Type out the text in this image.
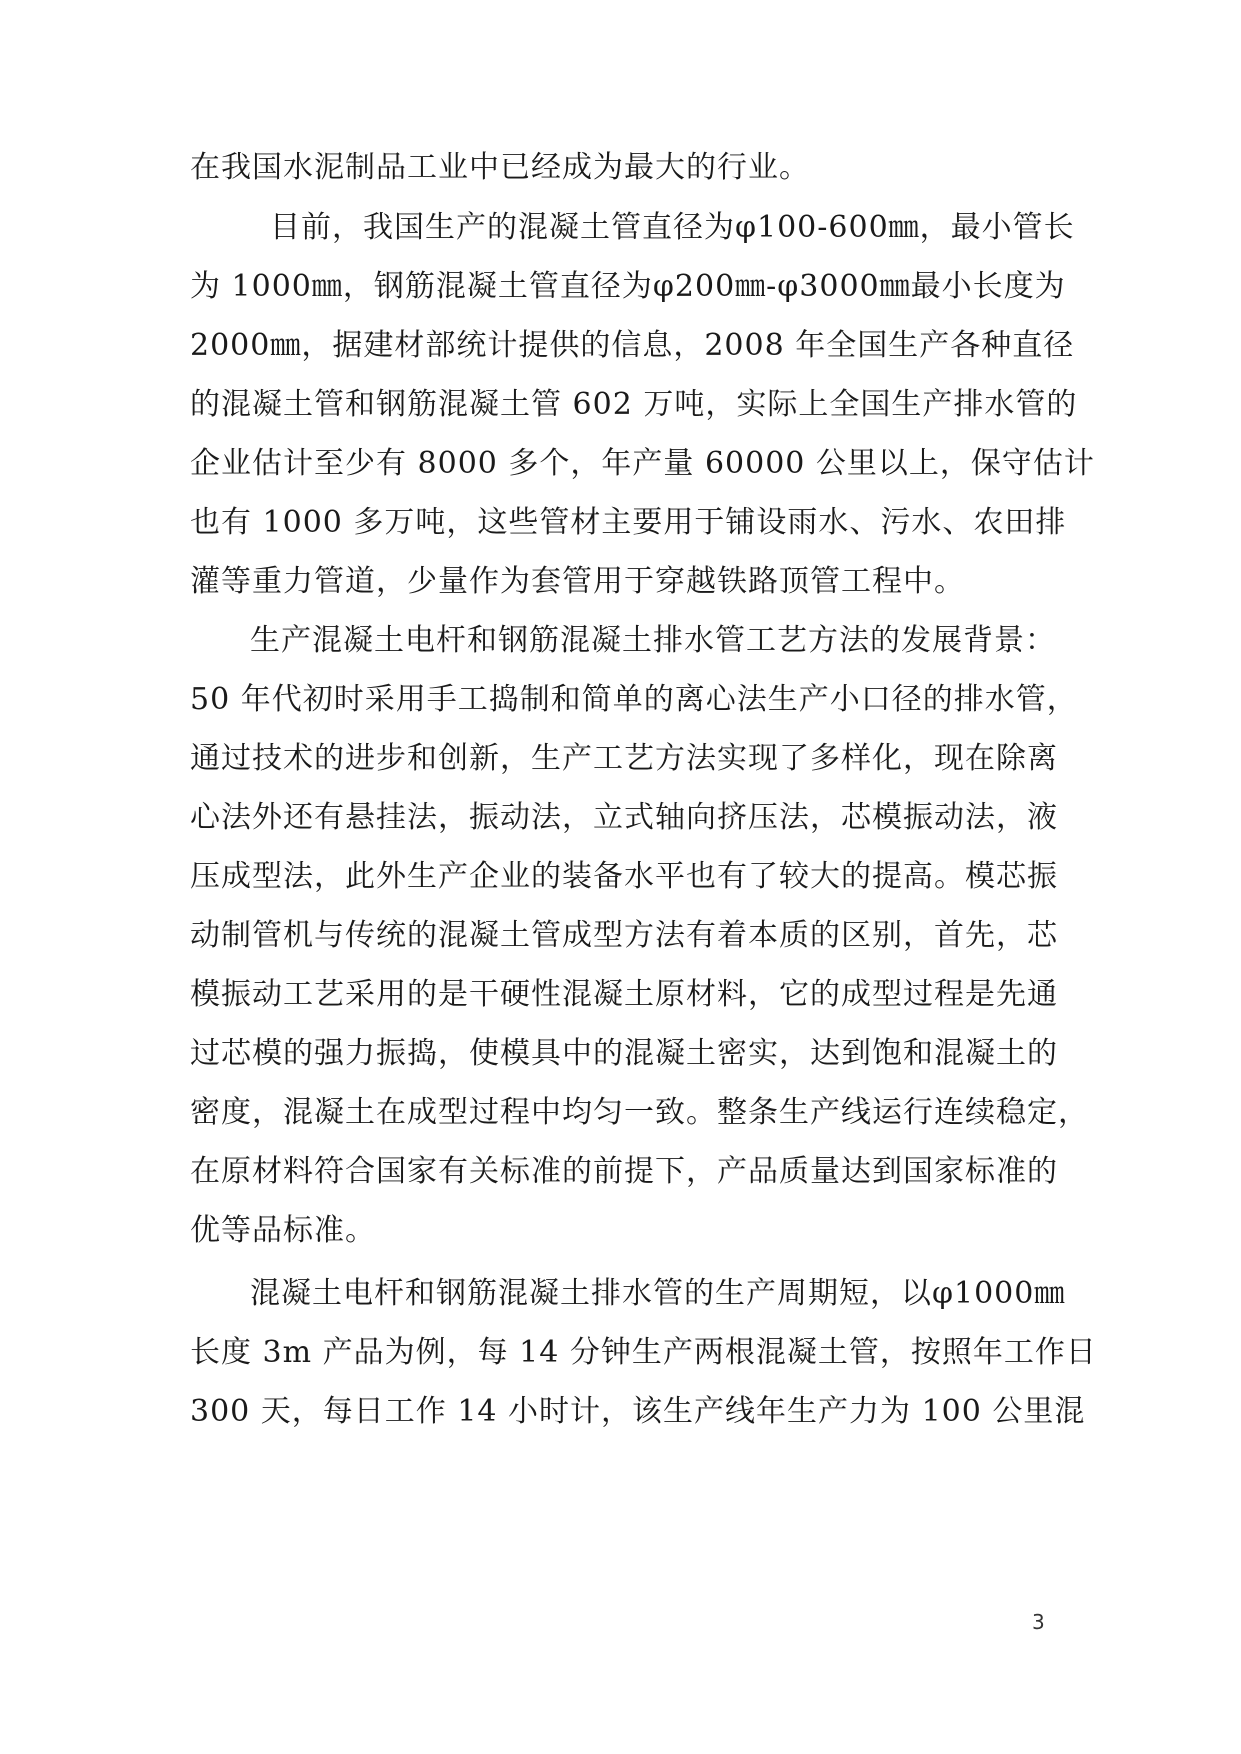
在我国水泥制品工业中已经成为最大的行业。
目前，我国生产的混凝土管直径为φ100-600㎜，最小管长
为 1000㎜，钢筋混凝土管直径为φ200㎜-φ3000㎜最小长度为
2000㎜，据建材部统计提供的信息，2008 年全国生产各种直径
的混凝土管和钢筋混凝土管 602 万吨，实际上全国生产排水管的
企业估计至少有 8000 多个，年产量 60000 公里以上，保守估计
也有 1000 多万吨，这些管材主要用于铺设雨水、污水、农田排
灌等重力管道，少量作为套管用于穿越铁路顶管工程中。
生产混凝土电杆和钢筋混凝土排水管工艺方法的发展背景：
50 年代初时采用手工捣制和简单的离心法生产小口径的排水管，
通过技术的进步和创新，生产工艺方法实现了多样化，现在除离
心法外还有悬挂法，振动法，立式轴向挤压法，芯模振动法，液
压成型法，此外生产企业的装备水平也有了较大的提高。模芯振
动制管机与传统的混凝土管成型方法有着本质的区别，首先，芯
模振动工艺采用的是干硬性混凝土原材料，它的成型过程是先通
过芯模的强力振捣，使模具中的混凝土密实，达到饱和混凝土的
密度，混凝土在成型过程中均匀一致。整条生产线运行连续稳定，
在原材料符合国家有关标准的前提下，产品质量达到国家标准的
优等品标准。
混凝土电杆和钢筋混凝土排水管的生产周期短，以φ1000㎜
长度 3m 产品为例，每 14 分钟生产两根混凝土管，按照年工作日
300 天，每日工作 14 小时计，该生产线年生产力为 100 公里混
3
